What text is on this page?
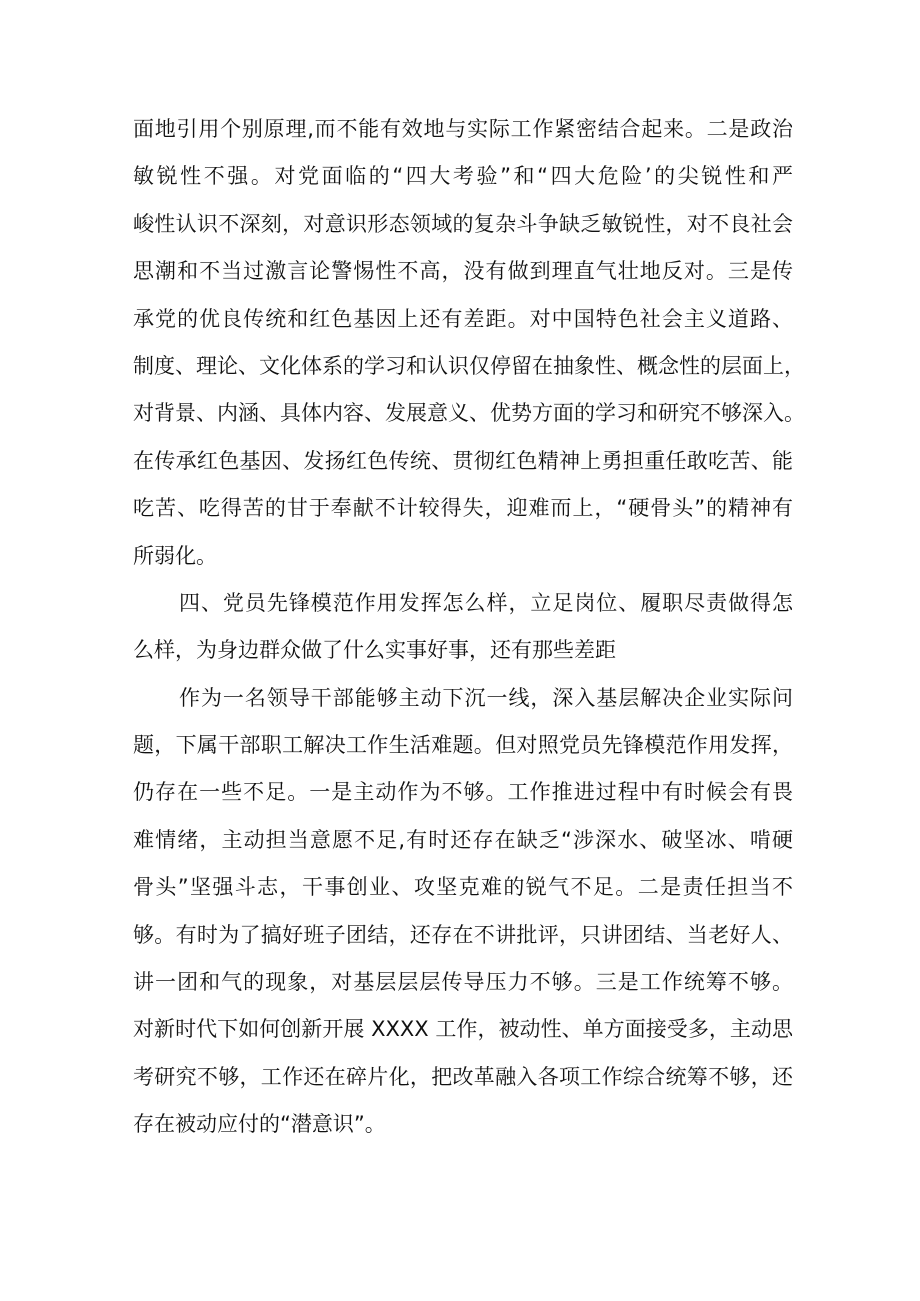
面地引用个别原理,而不能有效地与实际工作紧密结合起来。二是政治
敏锐性不强。对党面临的“四大考验”和“四大危险’的尖锐性和严
峻性认识不深刻，对意识形态领域的复杂斗争缺乏敏锐性，对不良社会
思潮和不当过激言论警惕性不高，没有做到理直气壮地反对。三是传
承党的优良传统和红色基因上还有差距。对中国特色社会主义道路、
制度、理论、文化体系的学习和认识仅停留在抽象性、概念性的层面上，
对背景、内涵、具体内容、发展意义、优势方面的学习和研究不够深入。
在传承红色基因、发扬红色传统、贯彻红色精神上勇担重任敢吃苦、能
吃苦、吃得苦的甘于奉献不计较得失，迎难而上，“硬骨头”的精神有
所弱化。
四、党员先锋模范作用发挥怎么样，立足岗位、履职尽责做得怎
么样，为身边群众做了什么实事好事，还有那些差距
作为一名领导干部能够主动下沉一线，深入基层解决企业实际问
题，下属干部职工解决工作生活难题。但对照党员先锋模范作用发挥，
仍存在一些不足。一是主动作为不够。工作推进过程中有时候会有畏
难情绪，主动担当意愿不足,有时还存在缺乏“涉深水、破坚冰、啃硬
骨头”坚强斗志，干事创业、攻坚克难的锐气不足。二是责任担当不
够。有时为了搞好班子团结，还存在不讲批评，只讲团结、当老好人、
讲一团和气的现象，对基层层层传导压力不够。三是工作统筹不够。
对新时代下如何创新开展 XXXX 工作，被动性、单方面接受多，主动思
考研究不够，工作还在碎片化，把改革融入各项工作综合统筹不够，还
存在被动应付的“潜意识”。
